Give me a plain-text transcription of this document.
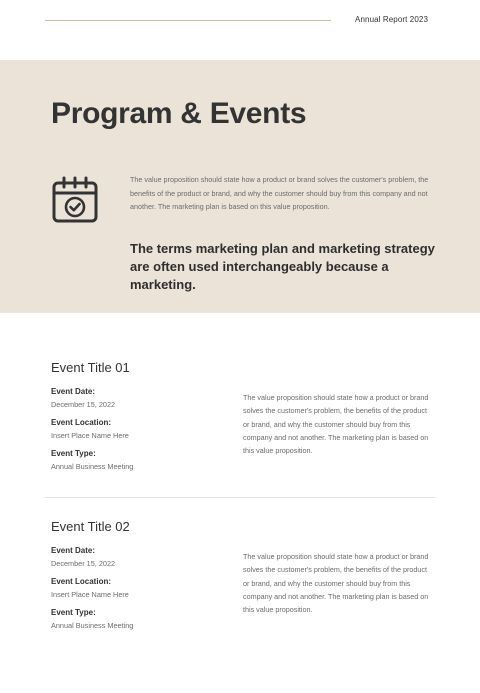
Annual Report 2023
Program & Events

The value proposition should state how a product or brand solves the customer's problem, the benefits of the product or brand, and why the customer should buy from this company and not another. The marketing plan is based on this value proposition.

The terms marketing plan and marketing strategy are often used interchangeably because a marketing.

Event Title 01
Event Date:
December 15, 2022
Event Location:
Insert Place Name Here
Event Type:
Annual Business Meeting

The value proposition should state how a product or brand solves the customer's problem, the benefits of the product or brand, and why the customer should buy from this company and not another. The marketing plan is based on this value proposition.

Event Title 02
Event Date:
December 15, 2022
Event Location:
Insert Place Name Here
Event Type:
Annual Business Meeting

The value proposition should state how a product or brand solves the customer's problem, the benefits of the product or brand, and why the customer should buy from this company and not another. The marketing plan is based on this value proposition.
